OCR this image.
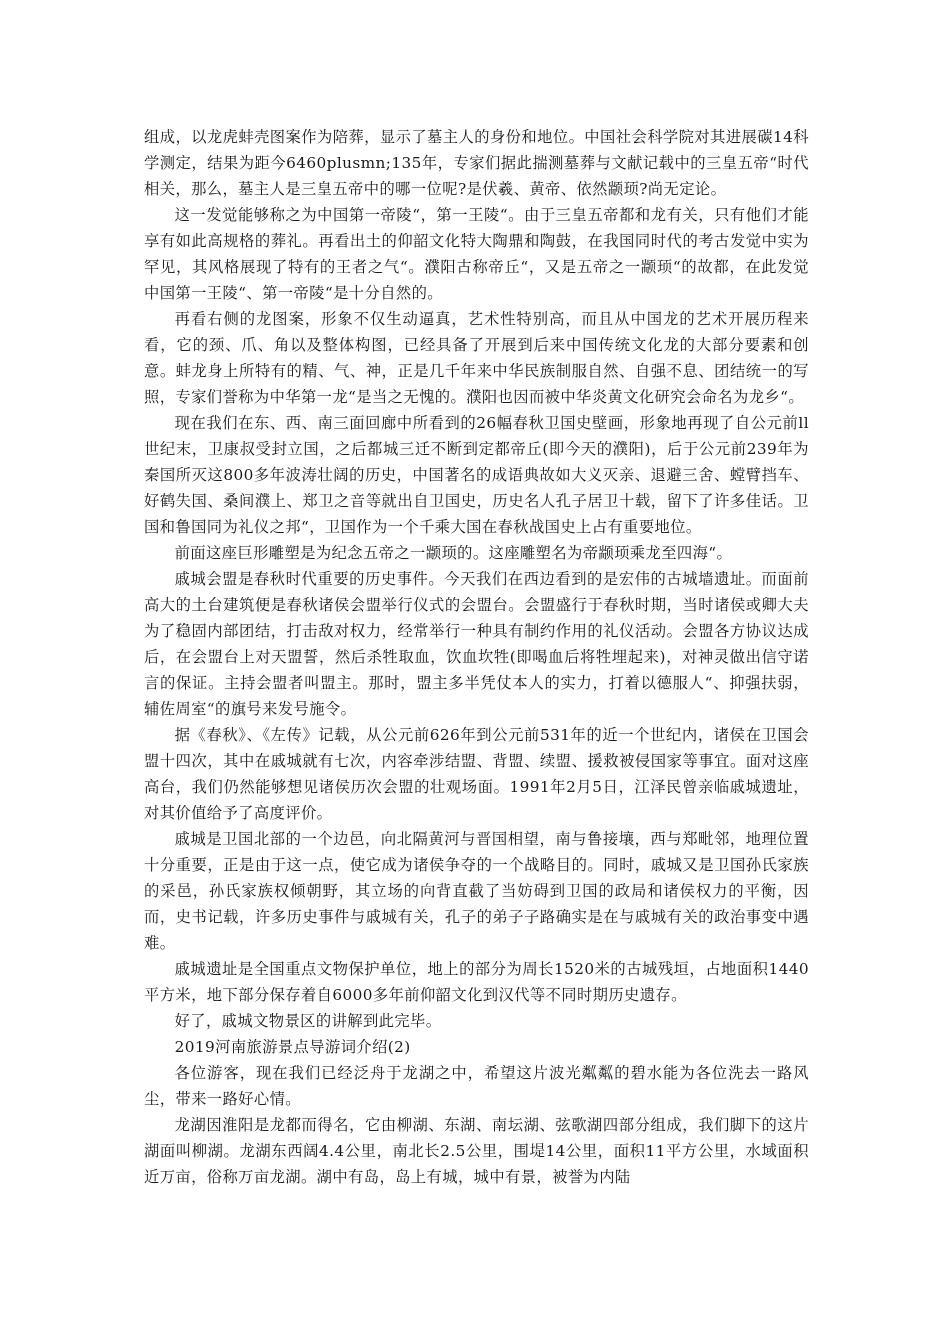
组成，以龙虎蚌壳图案作为陪葬，显示了墓主人的身份和地位。中国社会科学院对其进展碳14科学测定，结果为距今6460plusmn;135年，专家们据此揣测墓葬与文献记载中的三皇五帝“时代相关，那么，墓主人是三皇五帝中的哪一位呢?是伏羲、黄帝、依然颛顼?尚无定论。

这一发觉能够称之为中国第一帝陵“，第一王陵“。由于三皇五帝都和龙有关，只有他们才能享有如此高规格的葬礼。再看出土的仰韶文化特大陶鼎和陶鼓，在我国同时代的考古发觉中实为罕见，其风格展现了特有的王者之气“。濮阳古称帝丘“，又是五帝之一颛顼“的故都，在此发觉中国第一王陵“、第一帝陵“是十分自然的。

再看右侧的龙图案，形象不仅生动逼真，艺术性特别高，而且从中国龙的艺术开展历程来看，它的颈、爪、角以及整体构图，已经具备了开展到后来中国传统文化龙的大部分要素和创意。蚌龙身上所特有的精、气、神，正是几千年来中华民族制服自然、自强不息、团结统一的写照，专家们誉称为中华第一龙“是当之无愧的。濮阳也因而被中华炎黄文化研究会命名为龙乡“。

现在我们在东、西、南三面回廊中所看到的26幅春秋卫国史壁画，形象地再现了自公元前ll世纪末，卫康叔受封立国，之后都城三迁不断到定都帝丘(即今天的濮阳)，后于公元前239年为秦国所灭这800多年波涛壮阔的历史，中国著名的成语典故如大义灭亲、退避三舍、螳臂挡车、好鹤失国、桑间濮上、郑卫之音等就出自卫国史，历史名人孔子居卫十载，留下了许多佳话。卫国和鲁国同为礼仪之邦“，卫国作为一个千乘大国在春秋战国史上占有重要地位。

前面这座巨形雕塑是为纪念五帝之一颛顼的。这座雕塑名为帝颛顼乘龙至四海“。

戚城会盟是春秋时代重要的历史事件。今天我们在西边看到的是宏伟的古城墙遗址。而面前高大的土台建筑便是春秋诸侯会盟举行仪式的会盟台。会盟盛行于春秋时期，当时诸侯或卿大夫为了稳固内部团结，打击敌对权力，经常举行一种具有制约作用的礼仪活动。会盟各方协议达成后，在会盟台上对天盟誓，然后杀牲取血，饮血坎牲(即喝血后将牲埋起来)，对神灵做出信守诺言的保证。主持会盟者叫盟主。那时，盟主多半凭仗本人的实力，打着以德服人“、抑强扶弱，辅佐周室“的旗号来发号施令。

据《春秋》、《左传》记载，从公元前626年到公元前531年的近一个世纪内，诸侯在卫国会盟十四次，其中在戚城就有七次，内容牵涉结盟、背盟、续盟、援救被侵国家等事宜。面对这座高台，我们仍然能够想见诸侯历次会盟的壮观场面。1991年2月5日，江泽民曾亲临戚城遗址，对其价值给予了高度评价。

戚城是卫国北部的一个边邑，向北隔黄河与晋国相望，南与鲁接壤，西与郑毗邻，地理位置十分重要，正是由于这一点，使它成为诸侯争夺的一个战略目的。同时，戚城又是卫国孙氏家族的采邑，孙氏家族权倾朝野，其立场的向背直截了当妨碍到卫国的政局和诸侯权力的平衡，因而，史书记载，许多历史事件与戚城有关，孔子的弟子子路确实是在与戚城有关的政治事变中遇难。

戚城遗址是全国重点文物保护单位，地上的部分为周长1520米的古城残垣，占地面积1440平方米，地下部分保存着自6000多年前仰韶文化到汉代等不同时期历史遗存。

好了，戚城文物景区的讲解到此完毕。

2019河南旅游景点导游词介绍(2)

各位游客，现在我们已经泛舟于龙湖之中，希望这片波光粼粼的碧水能为各位洗去一路风尘，带来一路好心情。

龙湖因淮阳是龙都而得名，它由柳湖、东湖、南坛湖、弦歌湖四部分组成，我们脚下的这片湖面叫柳湖。龙湖东西阔4.4公里，南北长2.5公里，围堤14公里，面积11平方公里，水域面积近万亩，俗称万亩龙湖。湖中有岛，岛上有城，城中有景，被誉为内陆
